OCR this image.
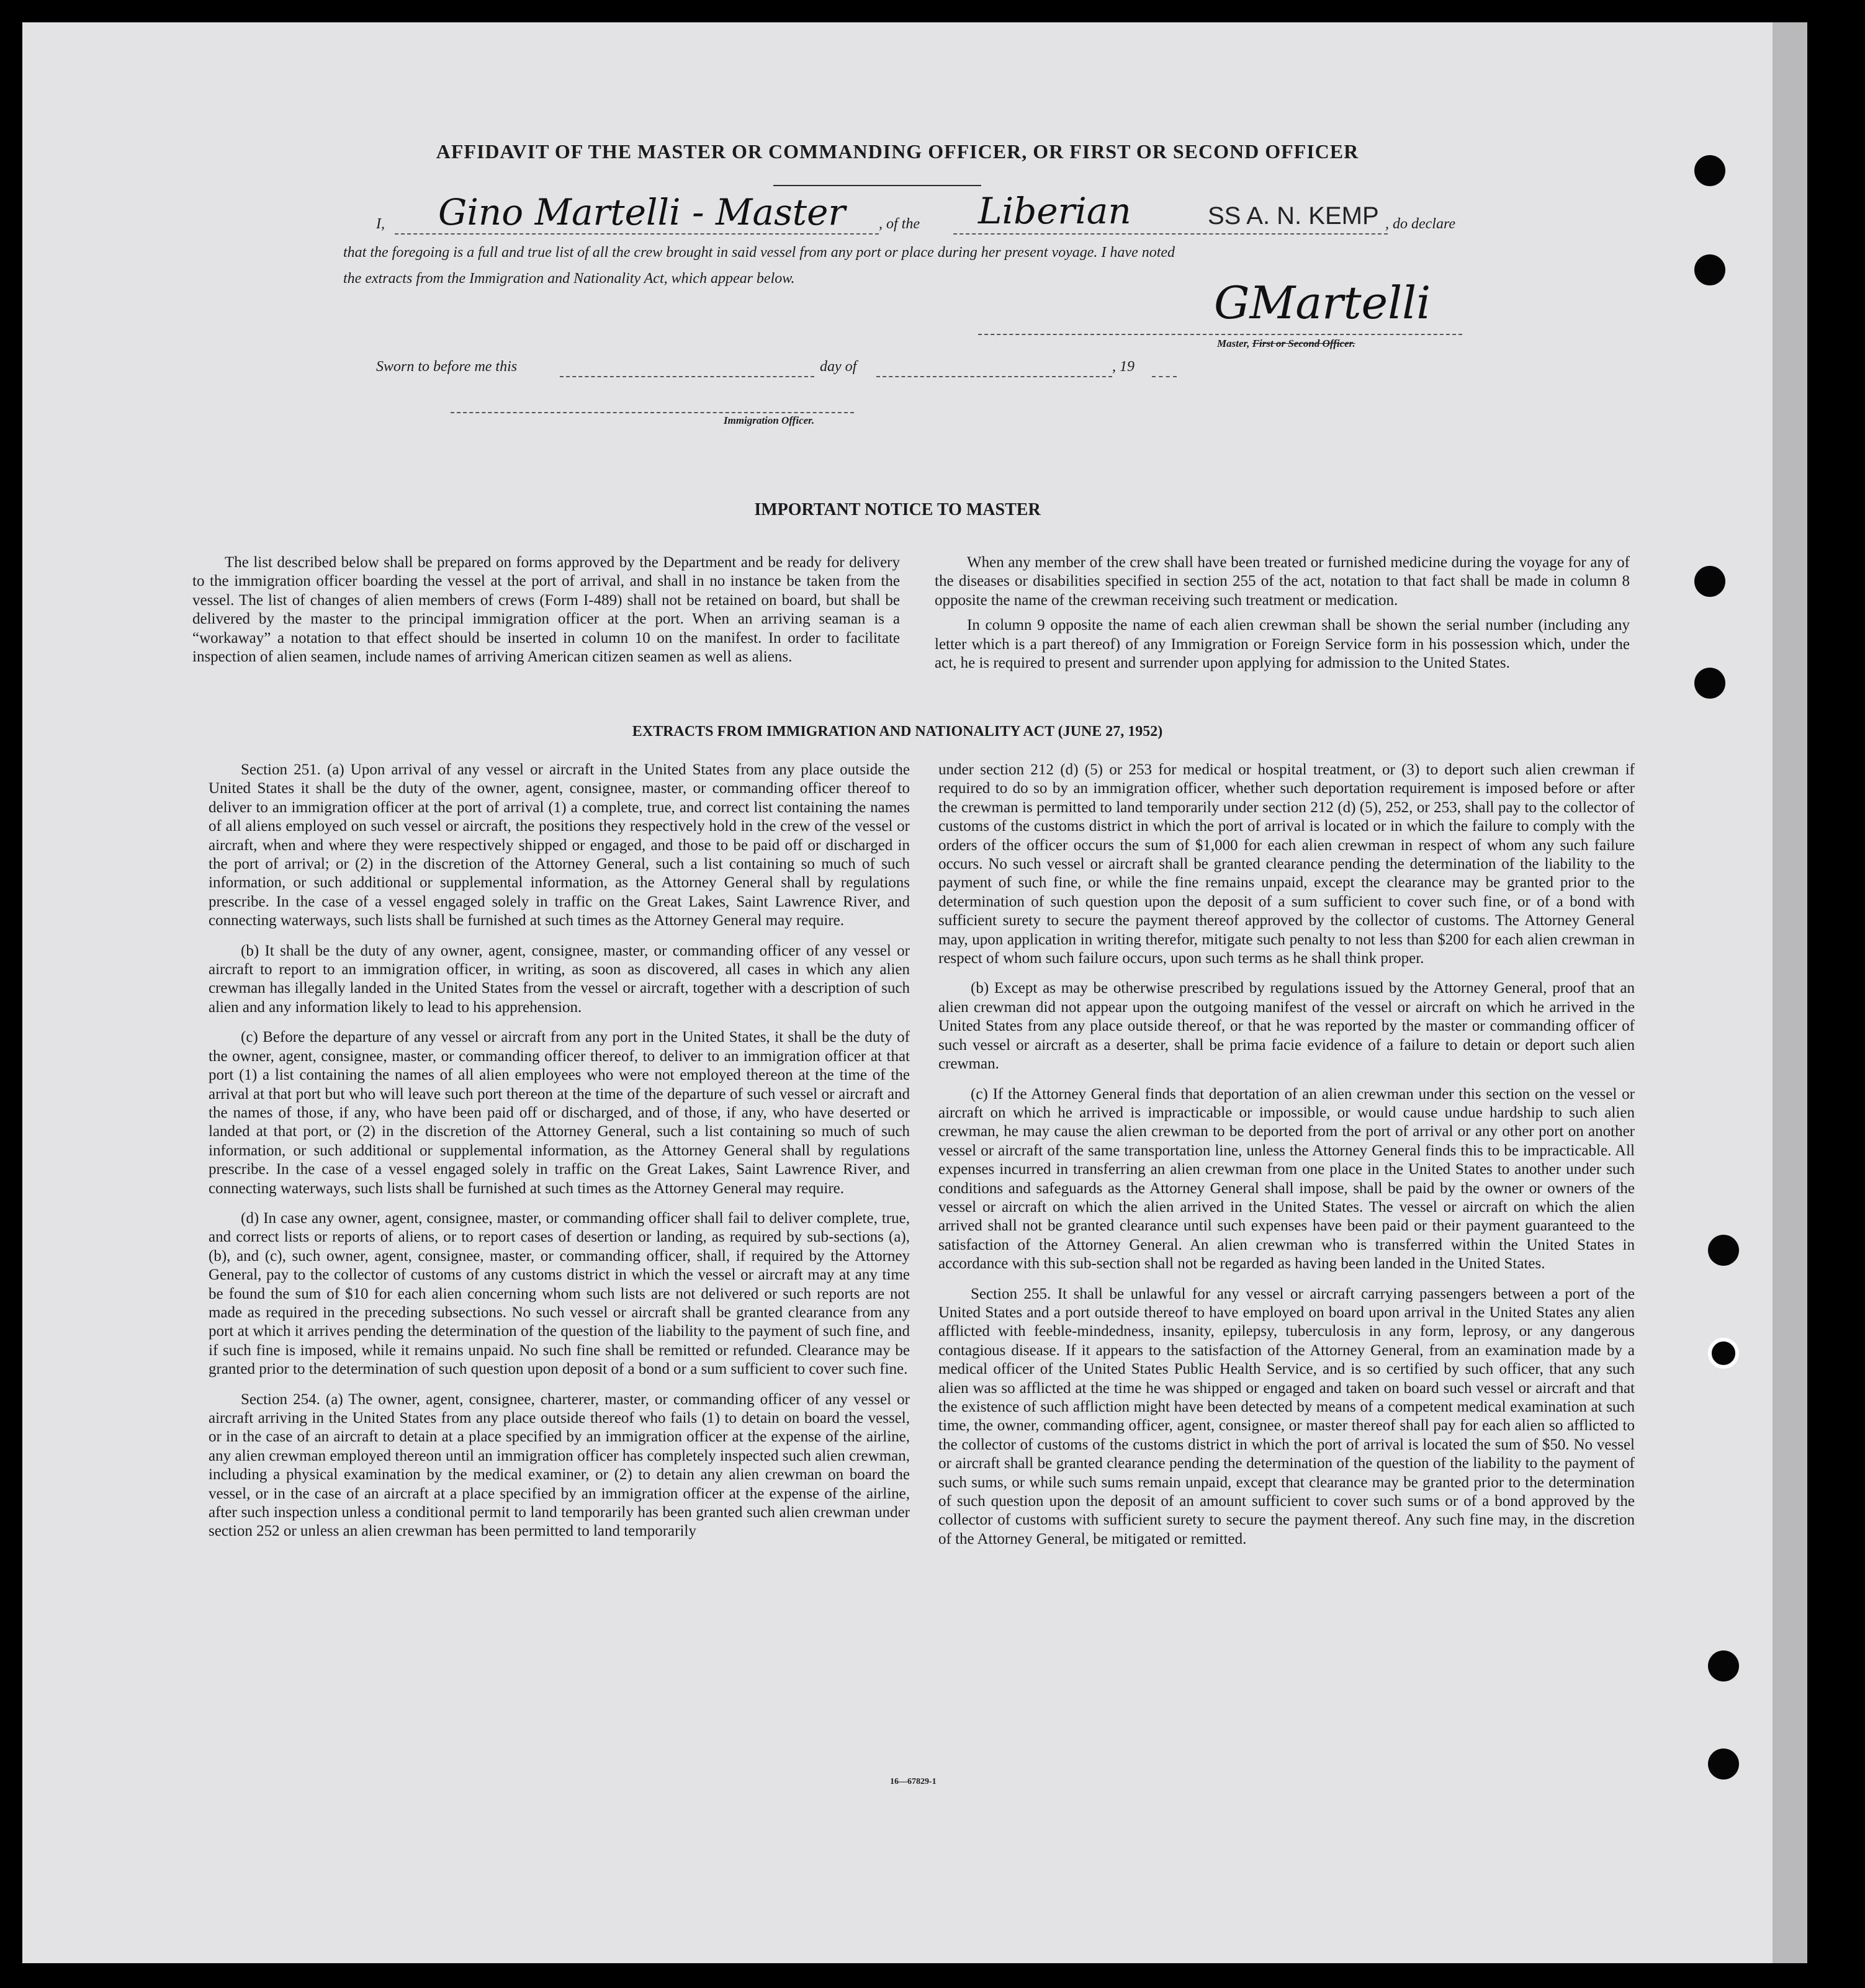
AFFIDAVIT OF THE MASTER OR COMMANDING OFFICER, OR FIRST OR SECOND OFFICER
I, Gino Martelli - Master , of the Liberian	SS A. N. KEMP , do declare
that the foregoing is a full and true list of all the crew brought in said vessel from any port or place during her present voyage. I have noted
the extracts from the Immigration and Nationality Act, which appear below.	GMartelli
Master, First or Second Officer.
Sworn to before me this	day of	, 19
Immigration Officer.
IMPORTANT NOTICE TO MASTER

The list described below shall be prepared on forms approved by the Department and be ready for delivery to the immigration officer boarding the vessel at the port of arrival, and shall in no instance be taken from the vessel. The list of changes of alien members of crews (Form I-489) shall not be retained on board, but shall be delivered by the master to the principal immigration officer at the port. When an arriving seaman is a “workaway” a notation to that effect should be inserted in column 10 on the manifest. In order to facilitate inspection of alien seamen, include names of arriving American citizen seamen as well as aliens.

When any member of the crew shall have been treated or furnished medicine during the voyage for any of the diseases or disabilities specified in section 255 of the act, notation to that fact shall be made in column 8 opposite the name of the crewman receiving such treatment or medication.

In column 9 opposite the name of each alien crewman shall be shown the serial number (including any letter which is a part thereof) of any Immigration or Foreign Service form in his possession which, under the act, he is required to present and surrender upon applying for admission to the United States.

EXTRACTS FROM IMMIGRATION AND NATIONALITY ACT (JUNE 27, 1952)

Section 251. (a) Upon arrival of any vessel or aircraft in the United States from any place outside the United States it shall be the duty of the owner, agent, consignee, master, or commanding officer thereof to deliver to an immigration officer at the port of arrival (1) a complete, true, and correct list containing the names of all aliens employed on such vessel or aircraft, the positions they respectively hold in the crew of the vessel or aircraft, when and where they were respectively shipped or engaged, and those to be paid off or discharged in the port of arrival; or (2) in the discretion of the Attorney General, such a list containing so much of such information, or such additional or supplemental information, as the Attorney General shall by regulations prescribe. In the case of a vessel engaged solely in traffic on the Great Lakes, Saint Lawrence River, and connecting waterways, such lists shall be furnished at such times as the Attorney General may require.

(b) It shall be the duty of any owner, agent, consignee, master, or commanding officer of any vessel or aircraft to report to an immigration officer, in writing, as soon as discovered, all cases in which any alien crewman has illegally landed in the United States from the vessel or aircraft, together with a description of such alien and any information likely to lead to his apprehension.

(c) Before the departure of any vessel or aircraft from any port in the United States, it shall be the duty of the owner, agent, consignee, master, or commanding officer thereof, to deliver to an immigration officer at that port (1) a list containing the names of all alien employees who were not employed thereon at the time of the arrival at that port but who will leave such port thereon at the time of the departure of such vessel or aircraft and the names of those, if any, who have been paid off or discharged, and of those, if any, who have deserted or landed at that port, or (2) in the discretion of the Attorney General, such a list containing so much of such information, or such additional or supplemental information, as the Attorney General shall by regulations prescribe. In the case of a vessel engaged solely in traffic on the Great Lakes, Saint Lawrence River, and connecting waterways, such lists shall be furnished at such times as the Attorney General may require.

(d) In case any owner, agent, consignee, master, or commanding officer shall fail to deliver complete, true, and correct lists or reports of aliens, or to report cases of desertion or landing, as required by sub-sections (a), (b), and (c), such owner, agent, consignee, master, or commanding officer, shall, if required by the Attorney General, pay to the collector of customs of any customs district in which the vessel or aircraft may at any time be found the sum of $10 for each alien concerning whom such lists are not delivered or such reports are not made as required in the preceding subsections. No such vessel or aircraft shall be granted clearance from any port at which it arrives pending the determination of the question of the liability to the payment of such fine, and if such fine is imposed, while it remains unpaid. No such fine shall be remitted or refunded. Clearance may be granted prior to the determination of such question upon deposit of a bond or a sum sufficient to cover such fine.

Section 254. (a) The owner, agent, consignee, charterer, master, or commanding officer of any vessel or aircraft arriving in the United States from any place outside thereof who fails (1) to detain on board the vessel, or in the case of an aircraft to detain at a place specified by an immigration officer at the expense of the airline, any alien crewman employed thereon until an immigration officer has completely inspected such alien crewman, including a physical examination by the medical examiner, or (2) to detain any alien crewman on board the vessel, or in the case of an aircraft at a place specified by an immigration officer at the expense of the airline, after such inspection unless a conditional permit to land temporarily has been granted such alien crewman under section 252 or unless an alien crewman has been permitted to land temporarily

under section 212 (d) (5) or 253 for medical or hospital treatment, or (3) to deport such alien crewman if required to do so by an immigration officer, whether such deportation requirement is imposed before or after the crewman is permitted to land temporarily under section 212 (d) (5), 252, or 253, shall pay to the collector of customs of the customs district in which the port of arrival is located or in which the failure to comply with the orders of the officer occurs the sum of $1,000 for each alien crewman in respect of whom any such failure occurs. No such vessel or aircraft shall be granted clearance pending the determination of the liability to the payment of such fine, or while the fine remains unpaid, except the clearance may be granted prior to the determination of such question upon the deposit of a sum sufficient to cover such fine, or of a bond with sufficient surety to secure the payment thereof approved by the collector of customs. The Attorney General may, upon application in writing therefor, mitigate such penalty to not less than $200 for each alien crewman in respect of whom such failure occurs, upon such terms as he shall think proper.

(b) Except as may be otherwise prescribed by regulations issued by the Attorney General, proof that an alien crewman did not appear upon the outgoing manifest of the vessel or aircraft on which he arrived in the United States from any place outside thereof, or that he was reported by the master or commanding officer of such vessel or aircraft as a deserter, shall be prima facie evidence of a failure to detain or deport such alien crewman.

(c) If the Attorney General finds that deportation of an alien crewman under this section on the vessel or aircraft on which he arrived is impracticable or impossible, or would cause undue hardship to such alien crewman, he may cause the alien crewman to be deported from the port of arrival or any other port on another vessel or aircraft of the same transportation line, unless the Attorney General finds this to be impracticable. All expenses incurred in transferring an alien crewman from one place in the United States to another under such conditions and safeguards as the Attorney General shall impose, shall be paid by the owner or owners of the vessel or aircraft on which the alien arrived in the United States. The vessel or aircraft on which the alien arrived shall not be granted clearance until such expenses have been paid or their payment guaranteed to the satisfaction of the Attorney General. An alien crewman who is transferred within the United States in accordance with this sub-section shall not be regarded as having been landed in the United States.

Section 255. It shall be unlawful for any vessel or aircraft carrying passengers between a port of the United States and a port outside thereof to have employed on board upon arrival in the United States any alien afflicted with feeble-mindedness, insanity, epilepsy, tuberculosis in any form, leprosy, or any dangerous contagious disease. If it appears to the satisfaction of the Attorney General, from an examination made by a medical officer of the United States Public Health Service, and is so certified by such officer, that any such alien was so afflicted at the time he was shipped or engaged and taken on board such vessel or aircraft and that the existence of such affliction might have been detected by means of a competent medical examination at such time, the owner, commanding officer, agent, consignee, or master thereof shall pay for each alien so afflicted to the collector of customs of the customs district in which the port of arrival is located the sum of $50. No vessel or aircraft shall be granted clearance pending the determination of the question of the liability to the payment of such sums, or while such sums remain unpaid, except that clearance may be granted prior to the determination of such question upon the deposit of an amount sufficient to cover such sums or of a bond approved by the collector of customs with sufficient surety to secure the payment thereof. Any such fine may, in the discretion of the Attorney General, be mitigated or remitted.

16—67829-1
